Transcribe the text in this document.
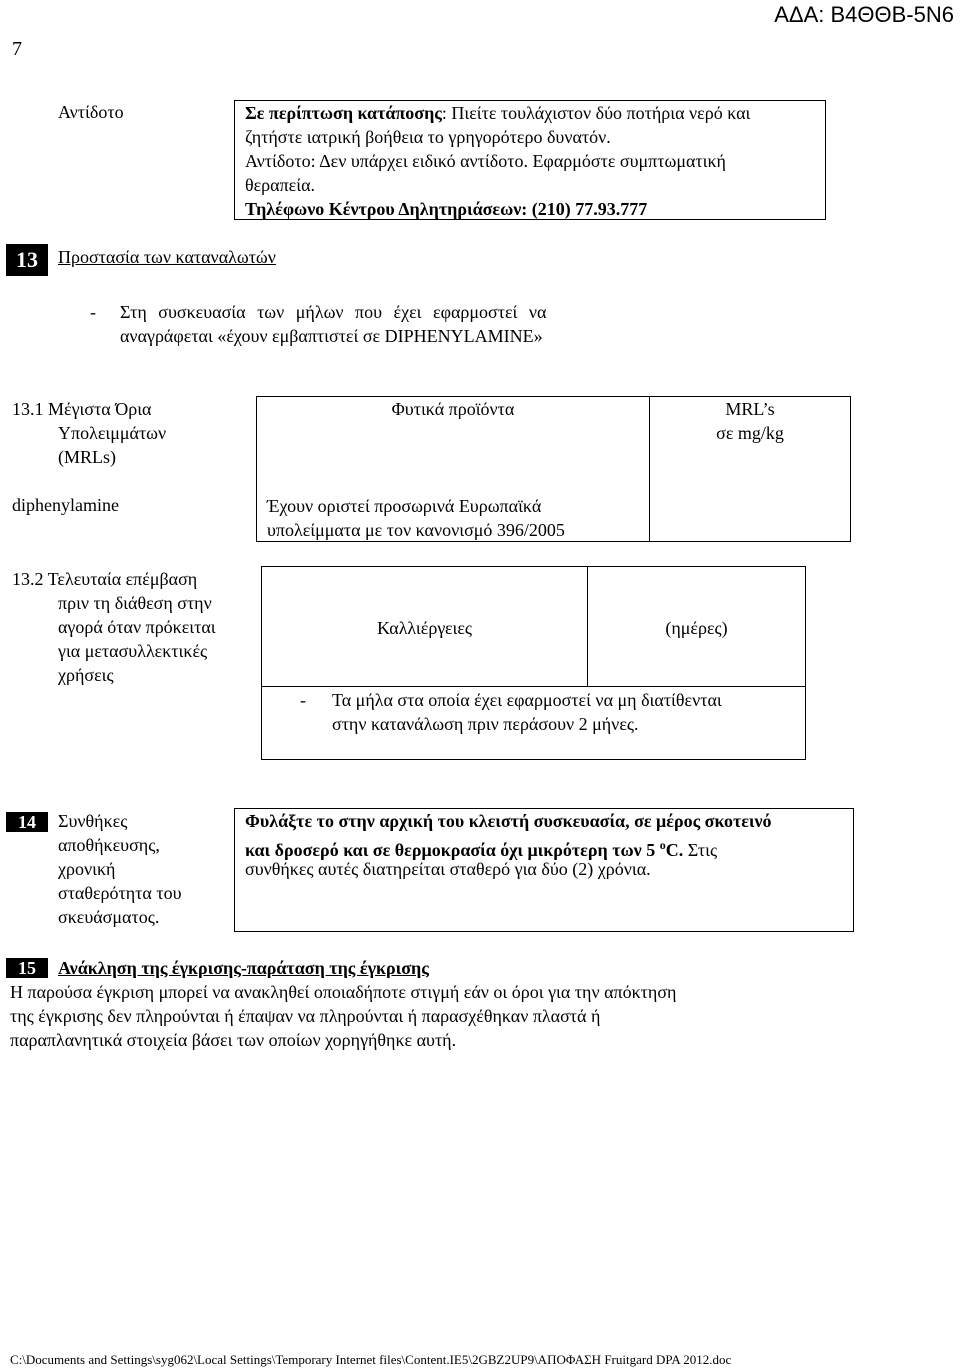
7
ΑΔΑ: Β4ΘΘΒ-5Ν6
Αντίδοτο	Σε περίπτωση κατάποσης: Πιείτε τουλάχιστον δύο ποτήρια νερό και
ζητήστε ιατρική βοήθεια το γρηγορότερο δυνατόν.
Αντίδοτο: Δεν υπάρχει ειδικό αντίδοτο. Εφαρμόστε συμπτωματική
θεραπεία.
Τηλέφωνο Κέντρου Δηλητηριάσεων: (210) 77.93.777
13	Προστασία των καταναλωτών
- Στη συσκευασία των μήλων που έχει εφαρμοστεί να
αναγράφεται «έχουν εμβαπτιστεί σε DIPHENYLAMINE»
13.1 Μέγιστα Όρια
Υπολειμμάτων
(MRLs)
diphenylamine
Φυτικά προϊόντα	MRL’s
σε mg/kg
Έχουν οριστεί προσωρινά Ευρωπαϊκά
υπολείμματα με τον κανονισμό 396/2005
13.2 Τελευταία επέμβαση
πριν τη διάθεση στην
αγορά όταν πρόκειται
για μετασυλλεκτικές
χρήσεις
Καλλιέργειες	(ημέρες)
- Τα μήλα στα οποία έχει εφαρμοστεί να μη διατίθενται
στην κατανάλωση πριν περάσουν 2 μήνες.
14	Συνθήκες
αποθήκευσης,
χρονική
σταθερότητα του
σκευάσματος.
Φυλάξτε το στην αρχική του κλειστή συσκευασία, σε μέρος σκοτεινό
και δροσερό και σε θερμοκρασία όχι μικρότερη των 5 $^o$C. Στις
συνθήκες αυτές διατηρείται σταθερό για δύο (2) χρόνια.
15	Ανάκληση της έγκρισης-παράταση της έγκρισης
Η παρούσα έγκριση μπορεί να ανακληθεί οποιαδήποτε στιγμή εάν οι όροι για την απόκτηση
της έγκρισης δεν πληρούνται ή έπαψαν να πληρούνται ή παρασχέθηκαν πλαστά ή
παραπλανητικά στοιχεία βάσει των οποίων χορηγήθηκε αυτή.
C:\Documents and Settings\syg062\Local Settings\Temporary Internet files\Content.IE5\2GBZ2UP9\ΑΠΟΦΑΣΗ Fruitgard DPA 2012.doc
